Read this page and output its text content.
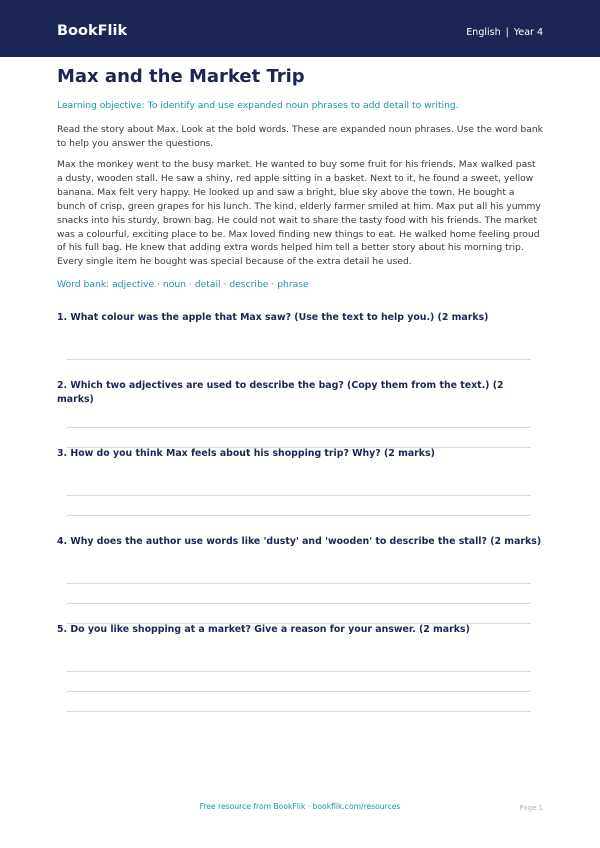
BookFlik	English | Year 4
Max and the Market Trip
Learning objective: To identify and use expanded noun phrases to add detail to writing.
Read the story about Max. Look at the bold words. These are expanded noun phrases. Use the word bank to help you answer the questions.
Max the monkey went to the busy market. He wanted to buy some fruit for his friends. Max walked past a dusty, wooden stall. He saw a shiny, red apple sitting in a basket. Next to it, he found a sweet, yellow banana. Max felt very happy. He looked up and saw a bright, blue sky above the town. He bought a bunch of crisp, green grapes for his lunch. The kind, elderly farmer smiled at him. Max put all his yummy snacks into his sturdy, brown bag. He could not wait to share the tasty food with his friends. The market was a colourful, exciting place to be. Max loved finding new things to eat. He walked home feeling proud of his full bag. He knew that adding extra words helped him tell a better story about his morning trip. Every single item he bought was special because of the extra detail he used.
Word bank: adjective · noun · detail · describe · phrase
1. What colour was the apple that Max saw? (Use the text to help you.) (2 marks)
2. Which two adjectives are used to describe the bag? (Copy them from the text.) (2 marks)
3. How do you think Max feels about his shopping trip? Why? (2 marks)
4. Why does the author use words like 'dusty' and 'wooden' to describe the stall? (2 marks)
5. Do you like shopping at a market? Give a reason for your answer. (2 marks)
Free resource from BookFlik · bookflik.com/resources	Page 1
